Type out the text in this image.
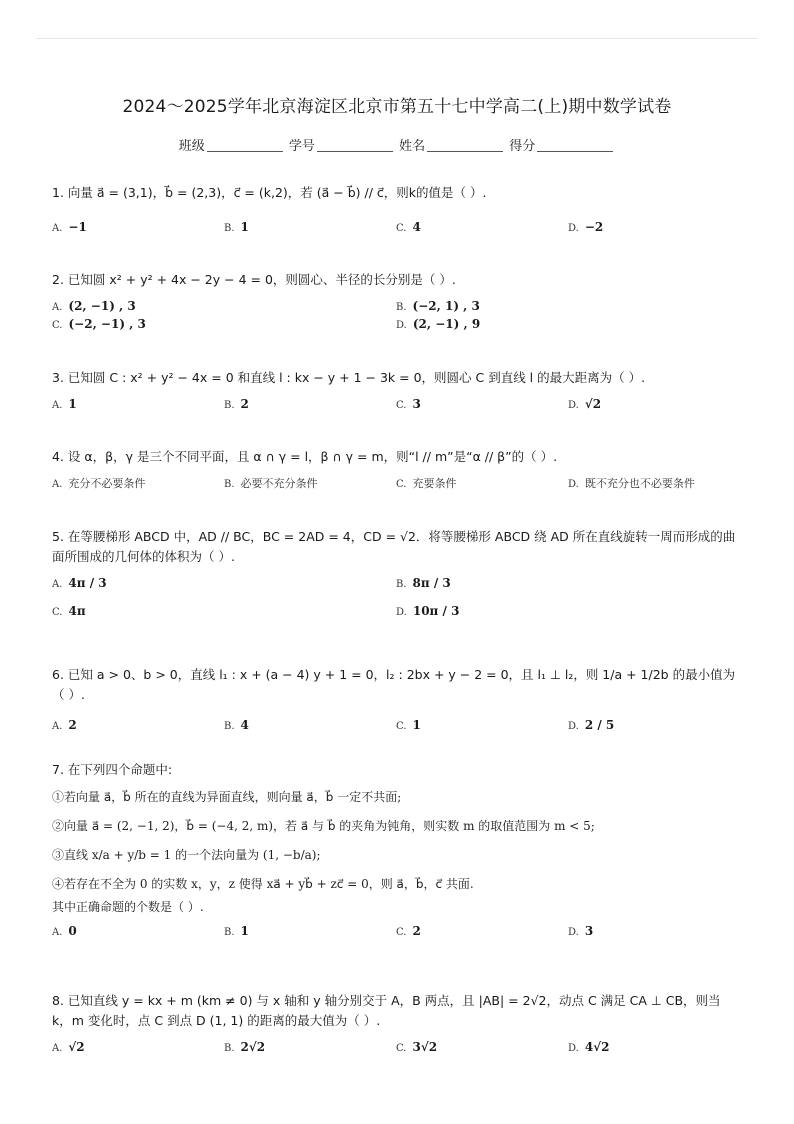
2024～2025学年北京海淀区北京市第五十七中学高二(上)期中数学试卷
班级	学号	姓名	得分
1. 向量 a⃗ = (3,1)，b⃗ = (2,3)，c⃗ = (k,2)，若 (a⃗ − b⃗) // c⃗，则k的值是（ ）.
A. −1	B. 1	C. 4	D. −2
2. 已知圆 x² + y² + 4x − 2y − 4 = 0，则圆心、半径的长分别是（ ）.
A. (2, −1) , 3	B. (−2, 1) , 3
C. (−2, −1) , 3	D. (2, −1) , 9
3. 已知圆 C : x² + y² − 4x = 0 和直线 l : kx − y + 1 − 3k = 0，则圆心 C 到直线 l 的最大距离为（ ）.
A. 1	B. 2	C. 3	D. √2
4. 设 α，β，γ 是三个不同平面，且 α ∩ γ = l，β ∩ γ = m，则“l // m”是“α // β”的（ ）.
A. 充分不必要条件	B. 必要不充分条件	C. 充要条件	D. 既不充分也不必要条件
5. 在等腰梯形 ABCD 中，AD // BC，BC = 2AD = 4，CD = √2．将等腰梯形 ABCD 绕 AD 所在直线旋转一周而形成的曲面所围成的几何体的体积为（ ）.
A. 4π / 3	B. 8π / 3
C. 4π	D. 10π / 3
6. 已知 a > 0、b > 0，直线 l₁ : x + (a − 4) y + 1 = 0，l₂ : 2bx + y − 2 = 0，且 l₁ ⊥ l₂，则 1/a + 1/2b 的最小值为（ ）.
A. 2	B. 4	C. 1	D. 2 / 5
7. 在下列四个命题中:
①若向量 a⃗，b⃗ 所在的直线为异面直线，则向量 a⃗，b⃗ 一定不共面;
②向量 a⃗ = (2, −1, 2)，b⃗ = (−4, 2, m)，若 a⃗ 与 b⃗ 的夹角为钝角，则实数 m 的取值范围为 m < 5;
③直线 x/a + y/b = 1 的一个法向量为 (1, −b/a);
④若存在不全为 0 的实数 x，y，z 使得 xa⃗ + yb⃗ + zc⃗ = 0，则 a⃗，b⃗，c⃗ 共面.
其中正确命题的个数是（ ）.
A. 0	B. 1	C. 2	D. 3
8. 已知直线 y = kx + m (km ≠ 0) 与 x 轴和 y 轴分别交于 A，B 两点，且 |AB| = 2√2，动点 C 满足 CA ⊥ CB，则当 k，m 变化时，点 C 到点 D (1, 1) 的距离的最大值为（ ）.
A. √2	B. 2√2	C. 3√2	D. 4√2
